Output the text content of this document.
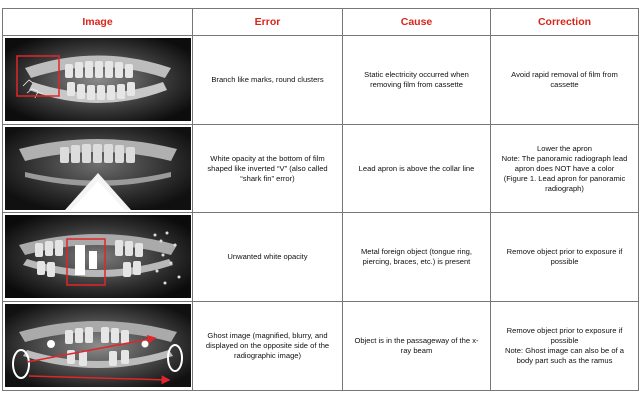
Image	Error	Cause	Correction

Branch like marks, round clusters	Static electricity occurred when
removing film from cassette	Avoid rapid removal of film from
cassette

White opacity at the bottom of film
shaped like inverted “V” (also called
“shark fin” error)	Lead apron is above the collar line	Lower the apron
Note: The panoramic radiograph lead
apron does NOT have a color
(Figure 1. Lead apron for panoramic
radiograph)

Unwanted white opacity	Metal foreign object (tongue ring,
piercing, braces, etc.) is present	Remove object prior to exposure if
possible

Ghost image (magnified, blurry, and
displayed on the opposite side of the
radiographic image)	Object is in the passageway of the x-
ray beam	Remove object prior to exposure if
possible
Note: Ghost image can also be of a
body part such as the ramus
